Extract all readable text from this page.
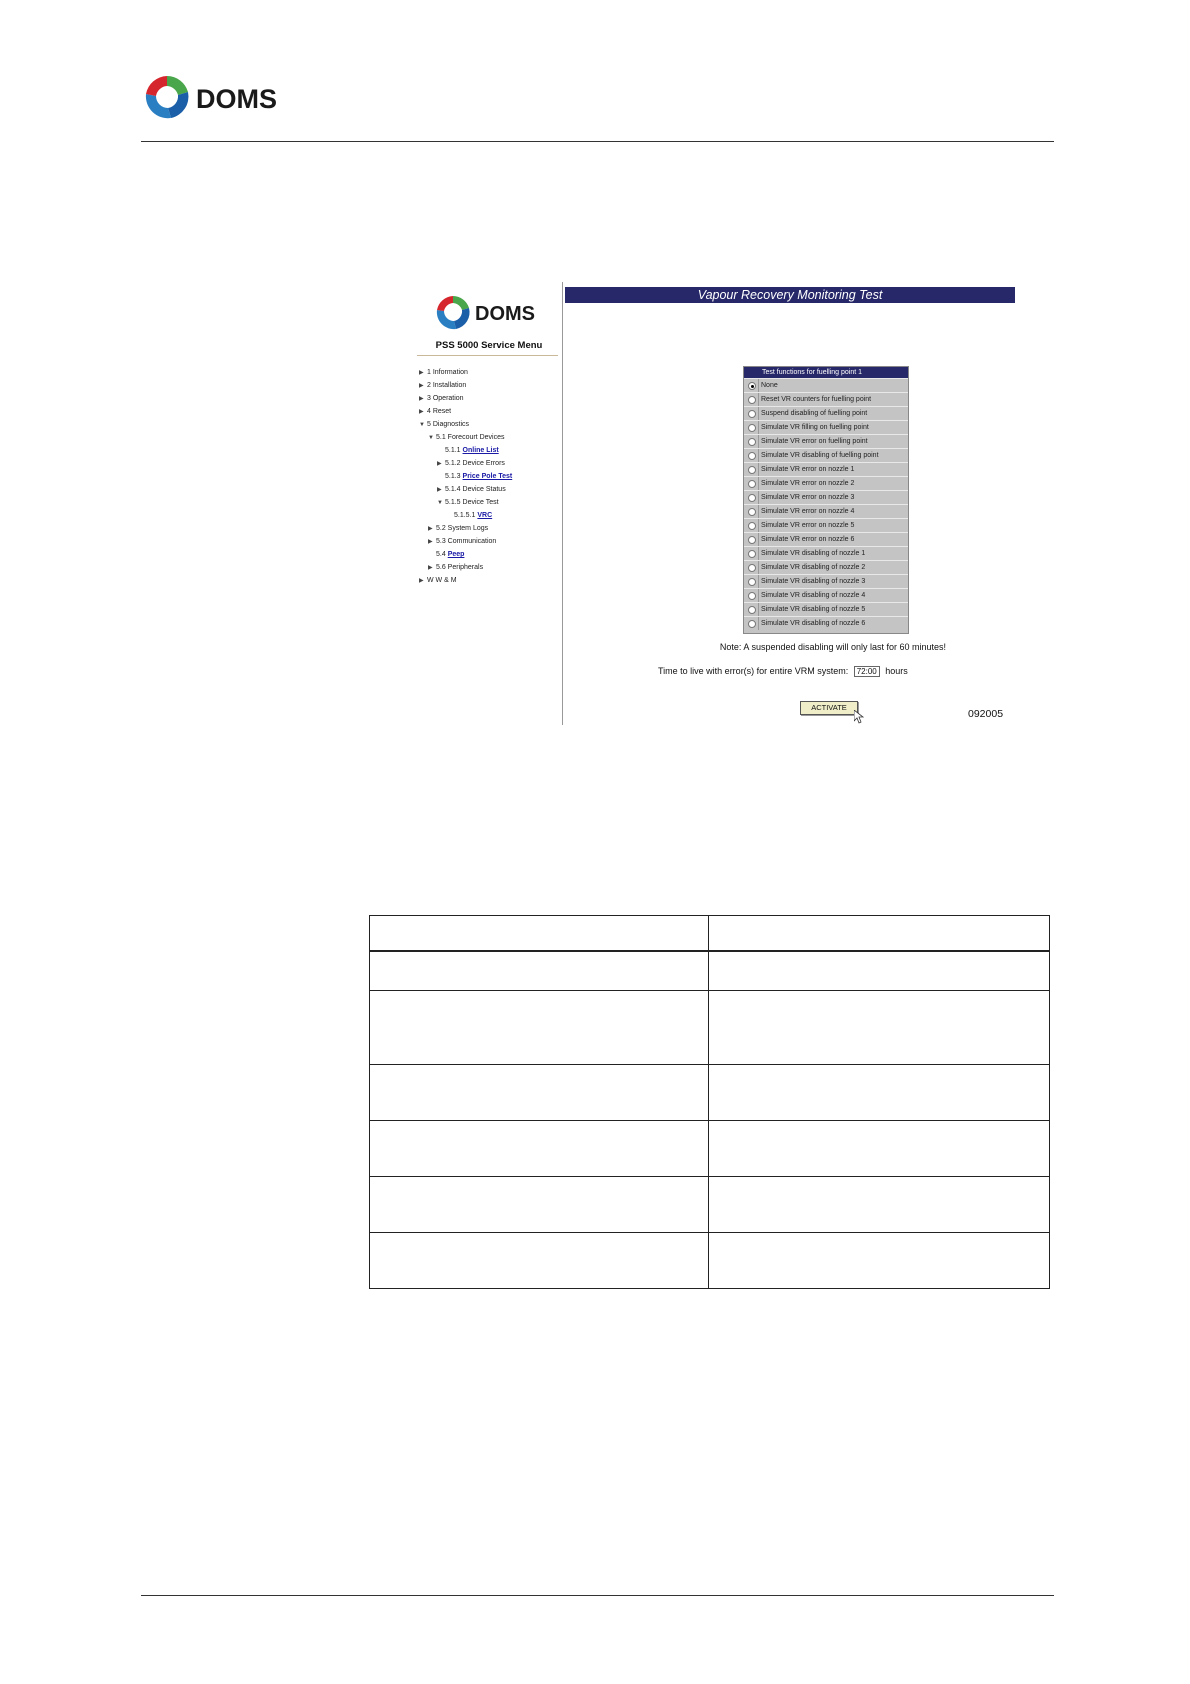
DOMS
DOMS
PSS 5000 Service Menu
▶ 1 Information
▶ 2 Installation
▶ 3 Operation
▶ 4 Reset
▼ 5 Diagnostics
▼ 5.1 Forecourt Devices
5.1.1 Online List
▶ 5.1.2 Device Errors
5.1.3 Price Pole Test
▶ 5.1.4 Device Status
▼ 5.1.5 Device Test
5.1.5.1 VRC
▶ 5.2 System Logs
▶ 5.3 Communication
5.4 Peep
▶ 5.6 Peripherals
▶ W W & M
Vapour Recovery Monitoring Test
Test functions for fuelling point 1
None
Reset VR counters for fuelling point
Suspend disabling of fuelling point
Simulate VR filling on fuelling point
Simulate VR error on fuelling point
Simulate VR disabling of fuelling point
Simulate VR error on nozzle 1
Simulate VR error on nozzle 2
Simulate VR error on nozzle 3
Simulate VR error on nozzle 4
Simulate VR error on nozzle 5
Simulate VR error on nozzle 6
Simulate VR disabling of nozzle 1
Simulate VR disabling of nozzle 2
Simulate VR disabling of nozzle 3
Simulate VR disabling of nozzle 4
Simulate VR disabling of nozzle 5
Simulate VR disabling of nozzle 6
Note: A suspended disabling will only last for 60 minutes!
Time to live with error(s) for entire VRM system: 72:00 hours
ACTIVATE
092005
